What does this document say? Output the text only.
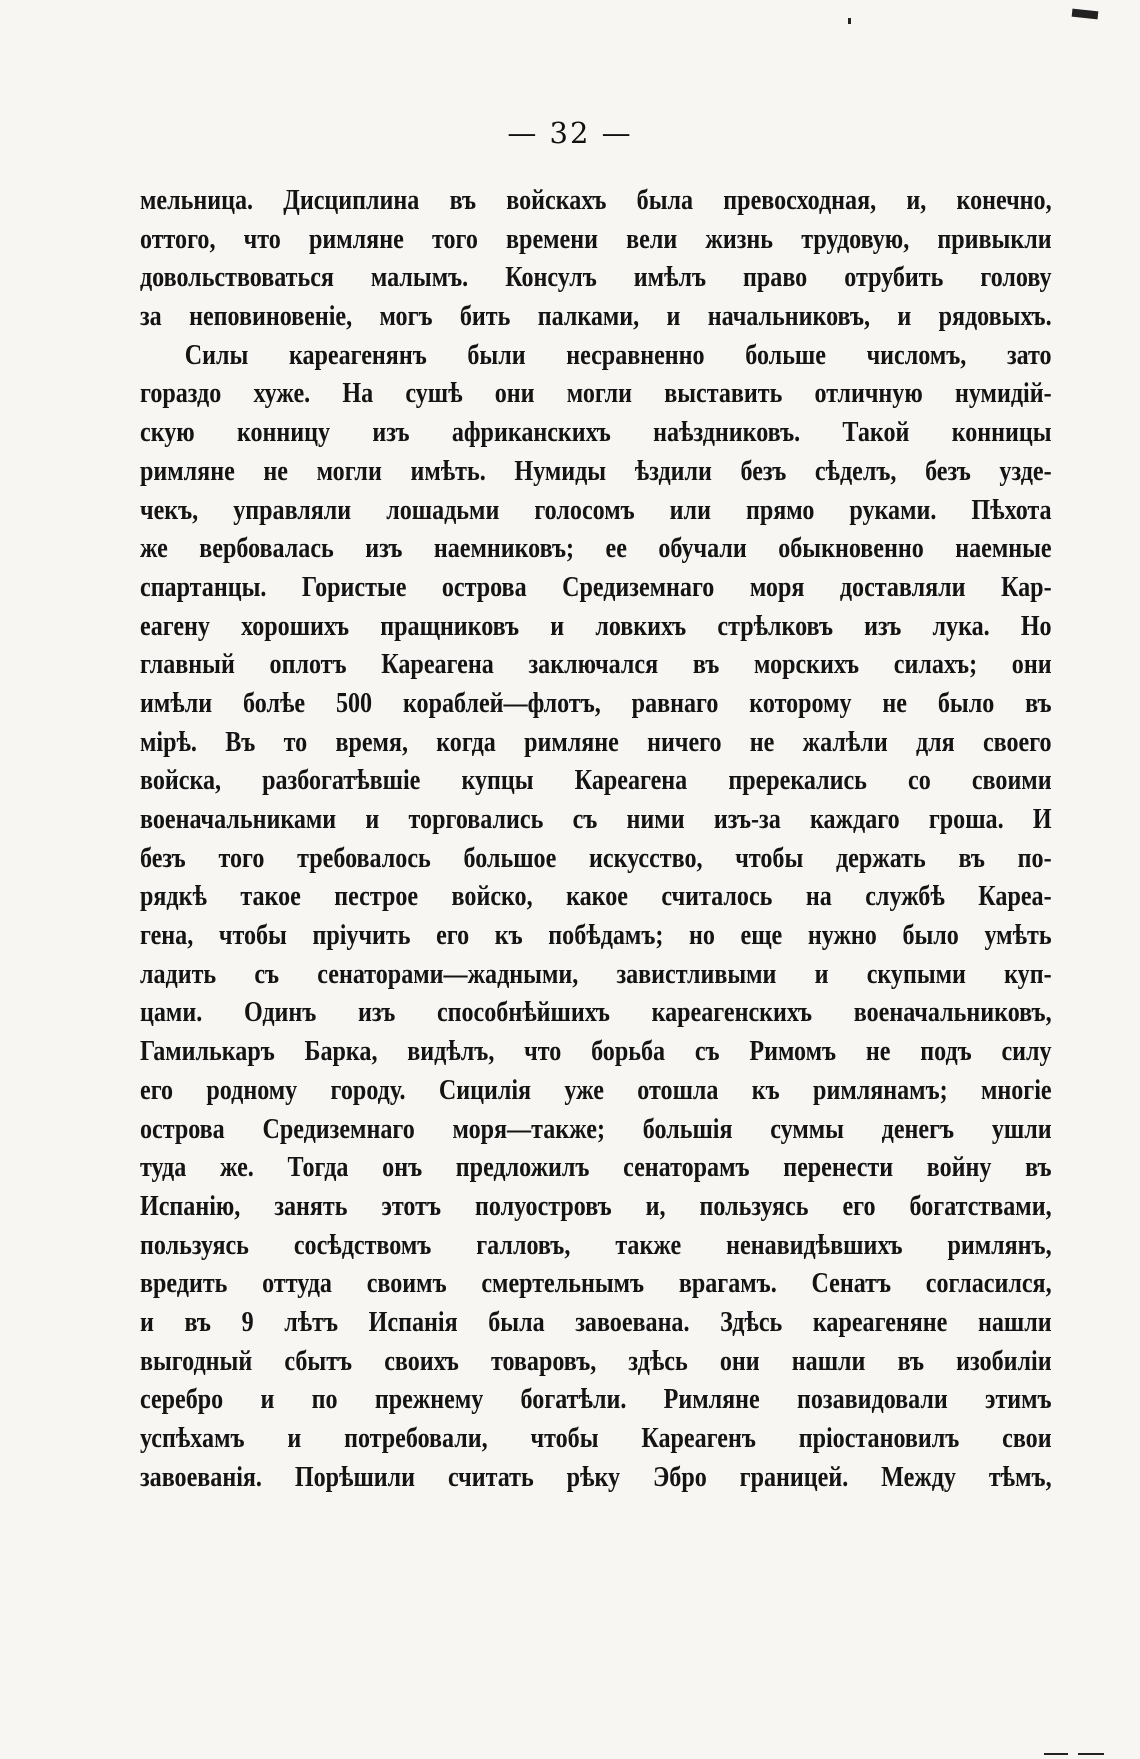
— 32 —
мельница. Дисциплина въ войскахъ была превосходная, и, конечно,
оттого, что римляне того времени вели жизнь трудовую, привыкли
довольствоваться малымъ. Консулъ имѣлъ право отрубить голову
за неповиновеніе, могъ бить палками, и начальниковъ, и рядовыхъ.
Силы кареагенянъ были несравненно больше числомъ, зато
гораздо хуже. На сушѣ они могли выставить отличную нумидій-
скую конницу изъ африканскихъ наѣздниковъ. Такой конницы
римляне не могли имѣть. Нумиды ѣздили безъ сѣделъ, безъ узде-
чекъ, управляли лошадьми голосомъ или прямо руками. Пѣхота
же вербовалась изъ наемниковъ; ее обучали обыкновенно наемные
спартанцы. Гористые острова Средиземнаго моря доставляли Кар-
еагену хорошихъ пращниковъ и ловкихъ стрѣлковъ изъ лука. Но
главный оплотъ Кареагена заключался въ морскихъ силахъ; они
имѣли болѣе 500 кораблей—флотъ, равнаго которому не было въ
мірѣ. Въ то время, когда римляне ничего не жалѣли для своего
войска, разбогатѣвшіе купцы Кареагена пререкались со своими
военачальниками и торговались съ ними изъ-за каждаго гроша. И
безъ того требовалось большое искусство, чтобы держать въ по-
рядкѣ такое пестрое войско, какое считалось на службѣ Кареа-
гена, чтобы пріучить его къ побѣдамъ; но еще нужно было умѣть
ладить съ сенаторами—жадными, завистливыми и скупыми куп-
цами. Одинъ изъ способнѣйшихъ кареагенскихъ военачальниковъ,
Гамилькаръ Барка, видѣлъ, что борьба съ Римомъ не подъ силу
его родному городу. Сицилія уже отошла къ римлянамъ; многіе
острова Средиземнаго моря—также; большія суммы денегъ ушли
туда же. Тогда онъ предложилъ сенаторамъ перенести войну въ
Испанію, занять этотъ полуостровъ и, пользуясь его богатствами,
пользуясь сосѣдствомъ галловъ, также ненавидѣвшихъ римлянъ,
вредить оттуда своимъ смертельнымъ врагамъ. Сенатъ согласился,
и въ 9 лѣтъ Испанія была завоевана. Здѣсь кареагеняне нашли
выгодный сбытъ своихъ товаровъ, здѣсь они нашли въ изобиліи
серебро и по прежнему богатѣли. Римляне позавидовали этимъ
успѣхамъ и потребовали, чтобы Кареагенъ пріостановилъ свои
завоеванія. Порѣшили считать рѣку Эбро границей. Между тѣмъ,
